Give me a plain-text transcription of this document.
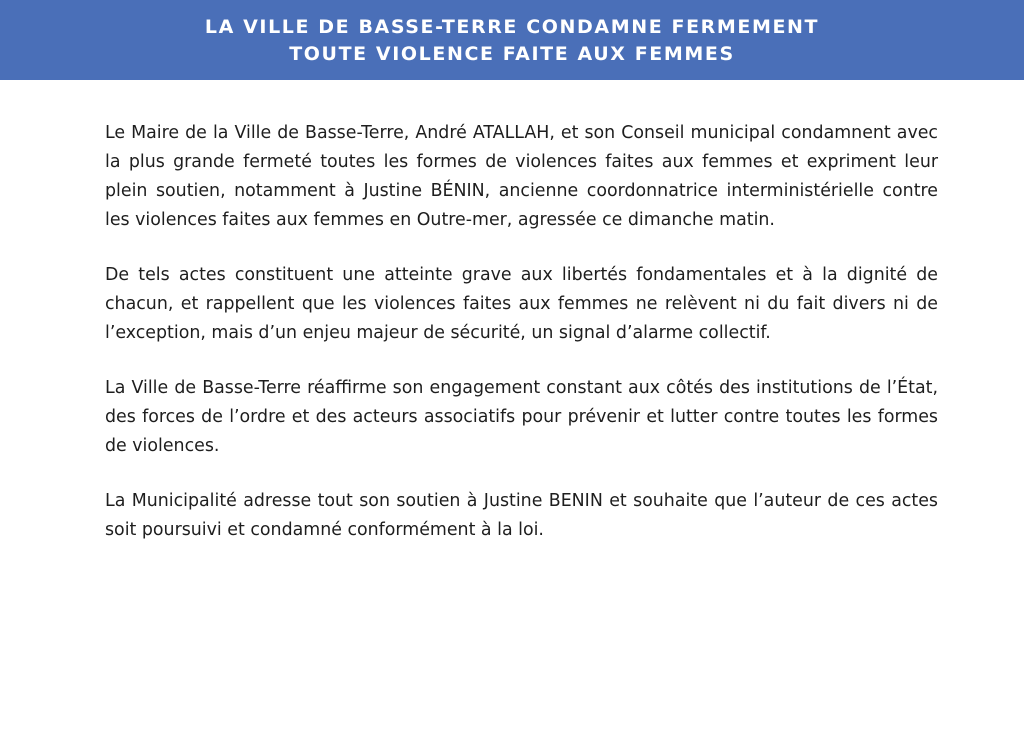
LA VILLE DE BASSE-TERRE CONDAMNE FERMEMENT
TOUTE VIOLENCE FAITE AUX FEMMES

Le Maire de la Ville de Basse-Terre, André ATALLAH, et son Conseil municipal condamnent avec la plus grande fermeté toutes les formes de violences faites aux femmes et expriment leur plein soutien, notamment à Justine BÉNIN, ancienne coordonnatrice interministérielle contre les violences faites aux femmes en Outre-mer, agressée ce dimanche matin.

De tels actes constituent une atteinte grave aux libertés fondamentales et à la dignité de chacun, et rappellent que les violences faites aux femmes ne relèvent ni du fait divers ni de l’exception, mais d’un enjeu majeur de sécurité, un signal d’alarme collectif.

La Ville de Basse-Terre réaffirme son engagement constant aux côtés des institutions de l’État, des forces de l’ordre et des acteurs associatifs pour prévenir et lutter contre toutes les formes de violences.

La Municipalité adresse tout son soutien à Justine BENIN et souhaite que l’auteur de ces actes soit poursuivi et condamné conformément à la loi.
